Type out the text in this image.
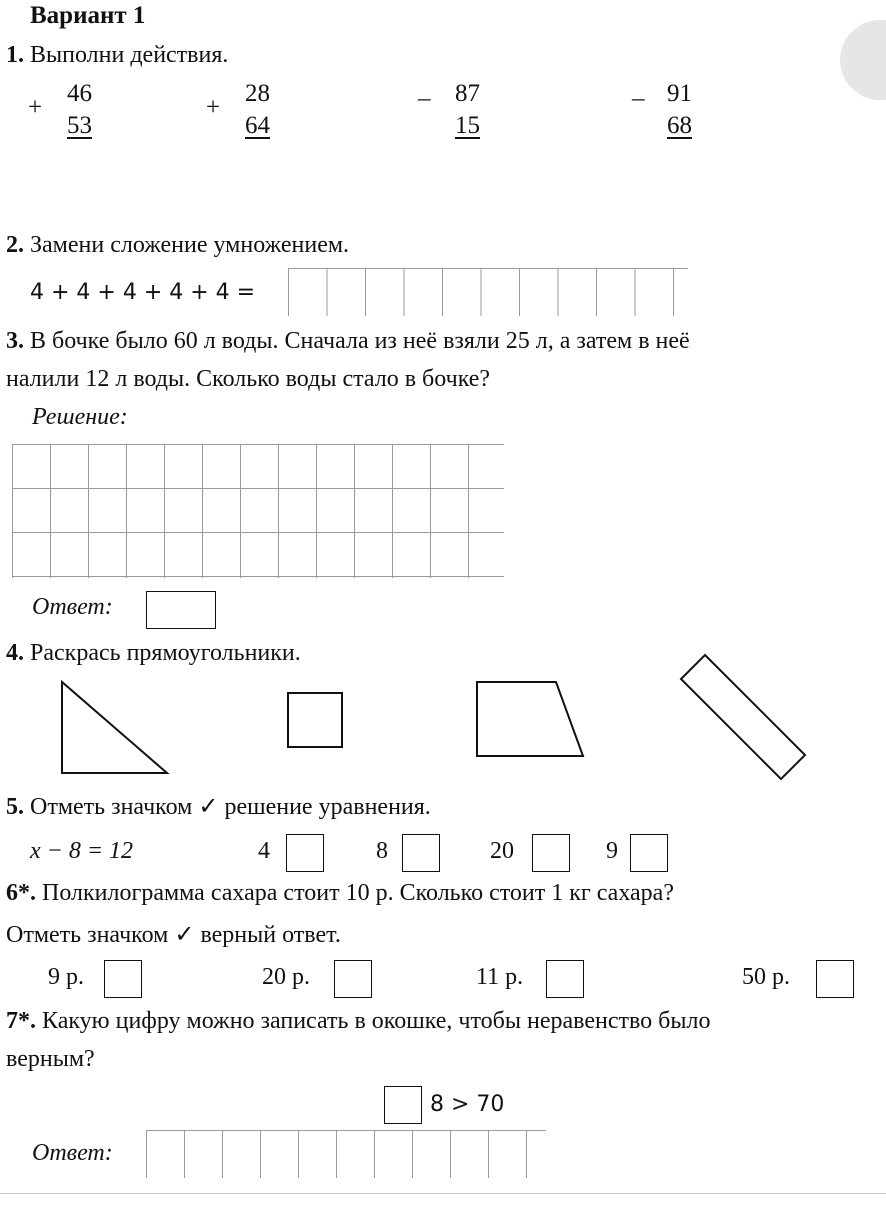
Вариант 1
1. Выполни действия.
+
46
53
+
28
64
_ 87
15
_ 91
68
2. Замени сложение умножением.
4 + 4 + 4 + 4 + 4 =
3. В бочке было 60 л воды. Сначала из неё взяли 25 л, а затем в неё
налили 12 л воды. Сколько воды стало в бочке?
Решение:
Ответ:
4. Раскрась прямоугольники.
5. Отметь значком ✓ решение уравнения.
x − 8 = 12	4	8	20	9
6*. Полкилограмма сахара стоит 10 р. Сколько стоит 1 кг сахара?
Отметь значком ✓ верный ответ.
9 р.	20 р.	11 р.	50 р.
7*. Какую цифру можно записать в окошке, чтобы неравенство было
верным?
8 > 70
Ответ:
